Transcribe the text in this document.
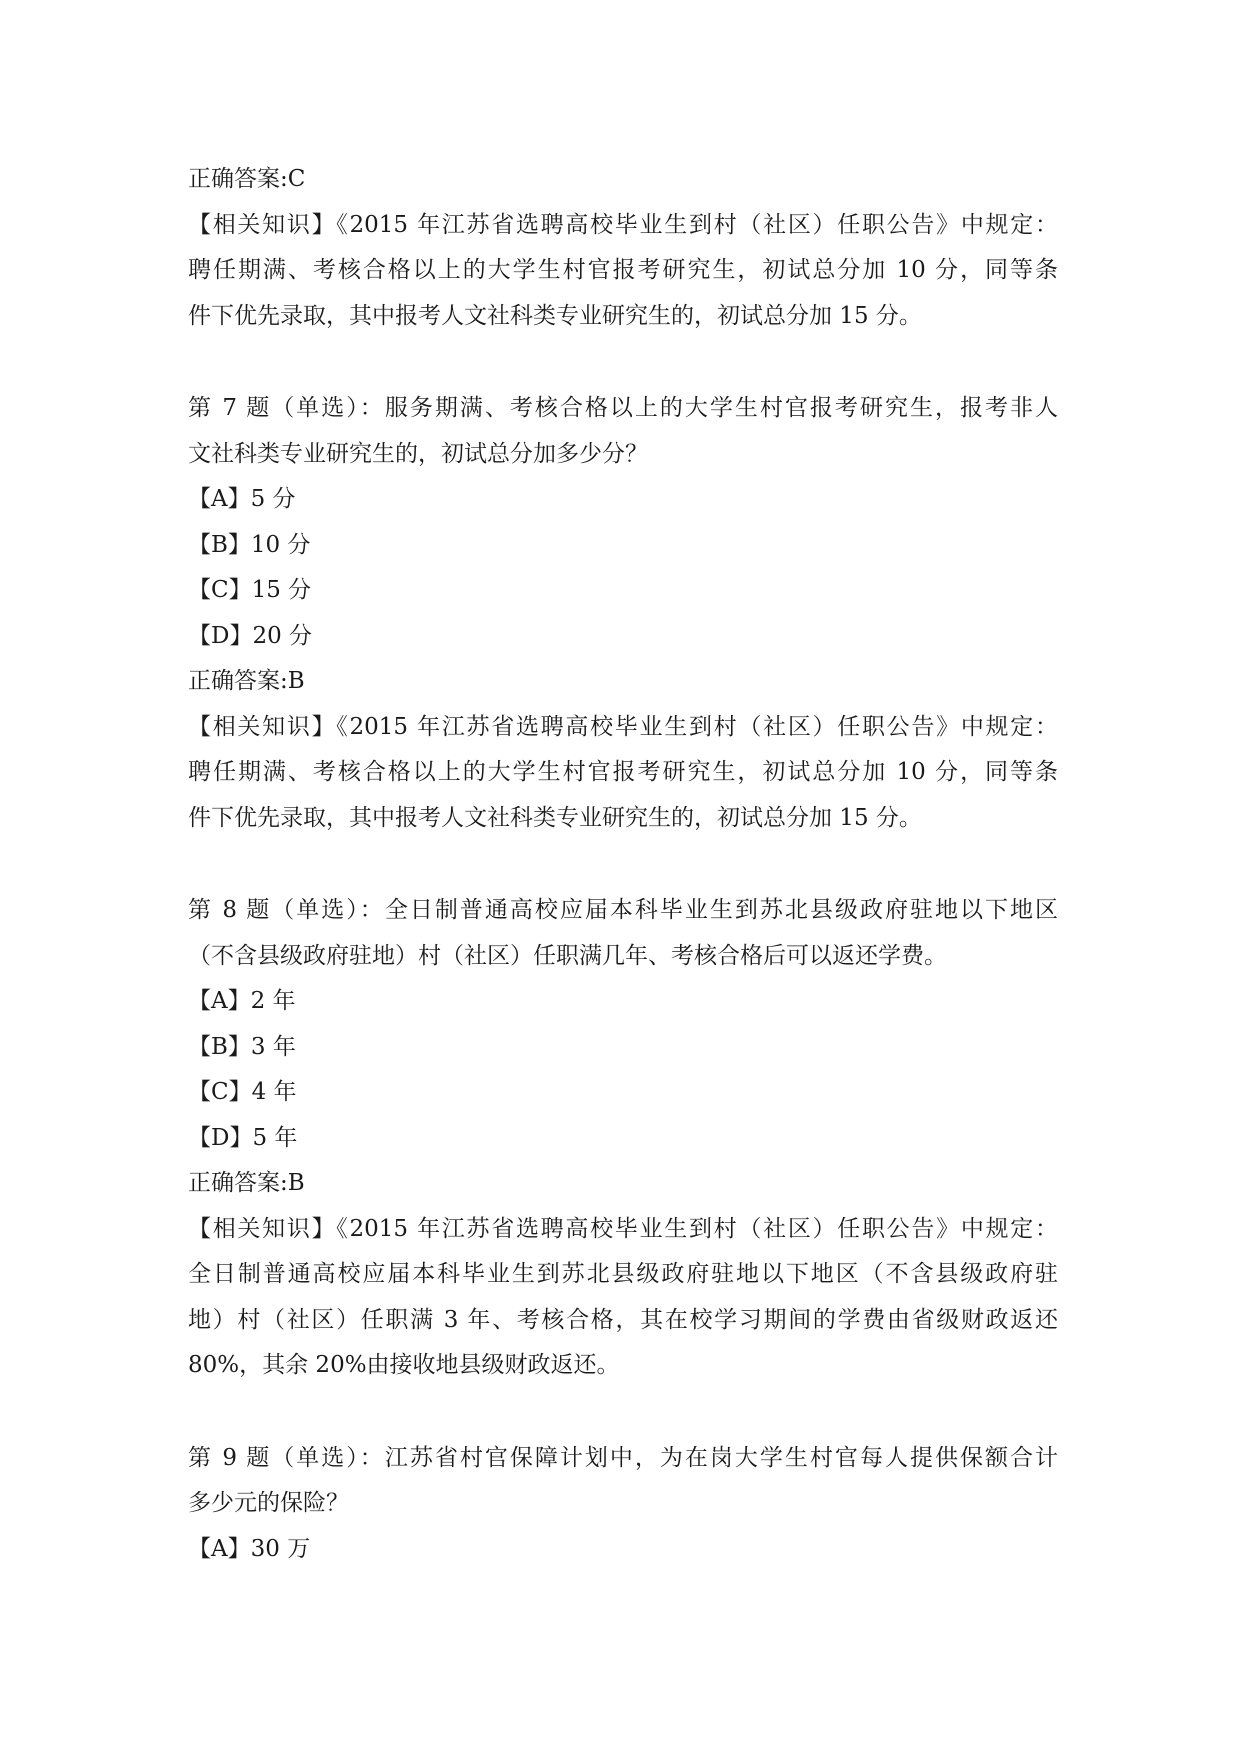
正确答案:C
【相关知识】《2015 年江苏省选聘高校毕业生到村（社区）任职公告》中规定：
聘任期满、考核合格以上的大学生村官报考研究生，初试总分加 10 分，同等条
件下优先录取，其中报考人文社科类专业研究生的，初试总分加 15 分。
第 7 题（单选）：服务期满、考核合格以上的大学生村官报考研究生，报考非人
文社科类专业研究生的，初试总分加多少分？
【A】5 分
【B】10 分
【C】15 分
【D】20 分
正确答案:B
【相关知识】《2015 年江苏省选聘高校毕业生到村（社区）任职公告》中规定：
聘任期满、考核合格以上的大学生村官报考研究生，初试总分加 10 分，同等条
件下优先录取，其中报考人文社科类专业研究生的，初试总分加 15 分。
第 8 题（单选）：全日制普通高校应届本科毕业生到苏北县级政府驻地以下地区
（不含县级政府驻地）村（社区）任职满几年、考核合格后可以返还学费。
【A】2 年
【B】3 年
【C】4 年
【D】5 年
正确答案:B
【相关知识】《2015 年江苏省选聘高校毕业生到村（社区）任职公告》中规定：
全日制普通高校应届本科毕业生到苏北县级政府驻地以下地区（不含县级政府驻
地）村（社区）任职满 3 年、考核合格，其在校学习期间的学费由省级财政返还
80%，其余 20%由接收地县级财政返还。
第 9 题（单选）：江苏省村官保障计划中，为在岗大学生村官每人提供保额合计
多少元的保险？
【A】30 万
